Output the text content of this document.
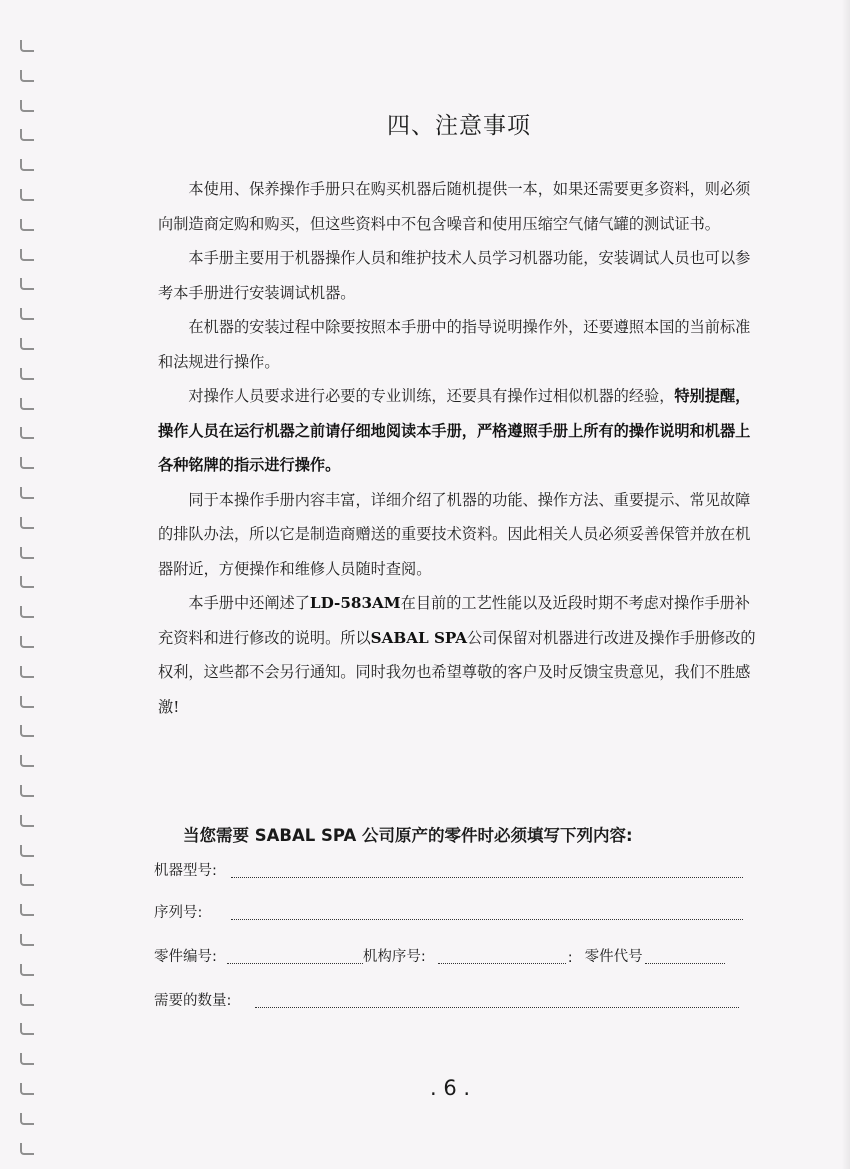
四、注意事项

本使用、保养操作手册只在购买机器后随机提供一本，如果还需要更多资料，则必须向制造商定购和购买，但这些资料中不包含噪音和使用压缩空气储气罐的测试证书。

本手册主要用于机器操作人员和维护技术人员学习机器功能，安装调试人员也可以参考本手册进行安装调试机器。

在机器的安装过程中除要按照本手册中的指导说明操作外，还要遵照本国的当前标准和法规进行操作。

对操作人员要求进行必要的专业训练，还要具有操作过相似机器的经验，特别提醒，操作人员在运行机器之前请仔细地阅读本手册，严格遵照手册上所有的操作说明和机器上各种铭牌的指示进行操作。

同于本操作手册内容丰富，详细介绍了机器的功能、操作方法、重要提示、常见故障的排队办法，所以它是制造商赠送的重要技术资料。因此相关人员必须妥善保管并放在机器附近，方便操作和维修人员随时查阅。

本手册中还阐述了LD-583AM在目前的工艺性能以及近段时期不考虑对操作手册补充资料和进行修改的说明。所以SABAL SPA公司保留对机器进行改进及操作手册修改的权利，这些都不会另行通知。同时我勿也希望尊敬的客户及时反馈宝贵意见，我们不胜感激!

当您需要 SABAL SPA 公司原产的零件时必须填写下列内容:
机器型号:
序列号:
零件编号:	机构序号:	: 零件代号
需要的数量:
. 6 .
